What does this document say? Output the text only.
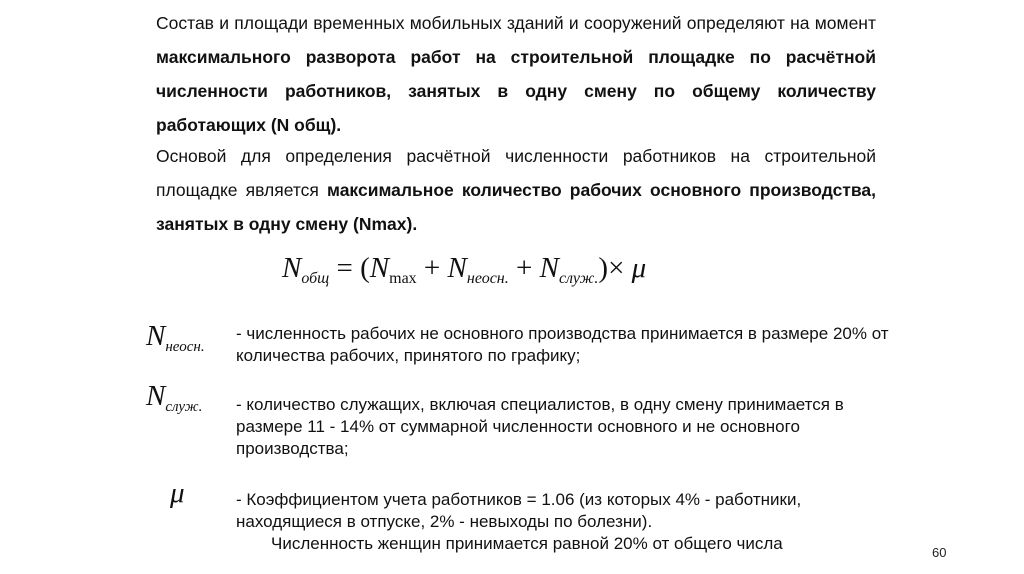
Состав и площади временных мобильных зданий и сооружений определяют на момент максимального разворота работ на строительной площадке по расчётной численности работников, занятых в одну смену по общему количеству работающих (N общ).
Основой для определения расчётной численности работников на строительной площадке является максимальное количество рабочих основного производства, занятых в одну смену (Nmax).
$N_{общ} = (N_{max} + N_{неосн.} + N_{служ.})\times \mu$
$N_{неосн.}$
- численность рабочих не основного производства принимается в размере 20% от количества рабочих, принятого по графику;
$N_{служ.}$ - количество служащих, включая специалистов, в одну смену принимается в размере 11 - 14% от суммарной численности основного и не основного производства;
μ	- Коэффициентом учета работников = 1.06 (из которых 4% - работники, находящиеся в отпуске, 2% - невыходы по болезни).
Численность женщин принимается равной 20% от общего числа	60
